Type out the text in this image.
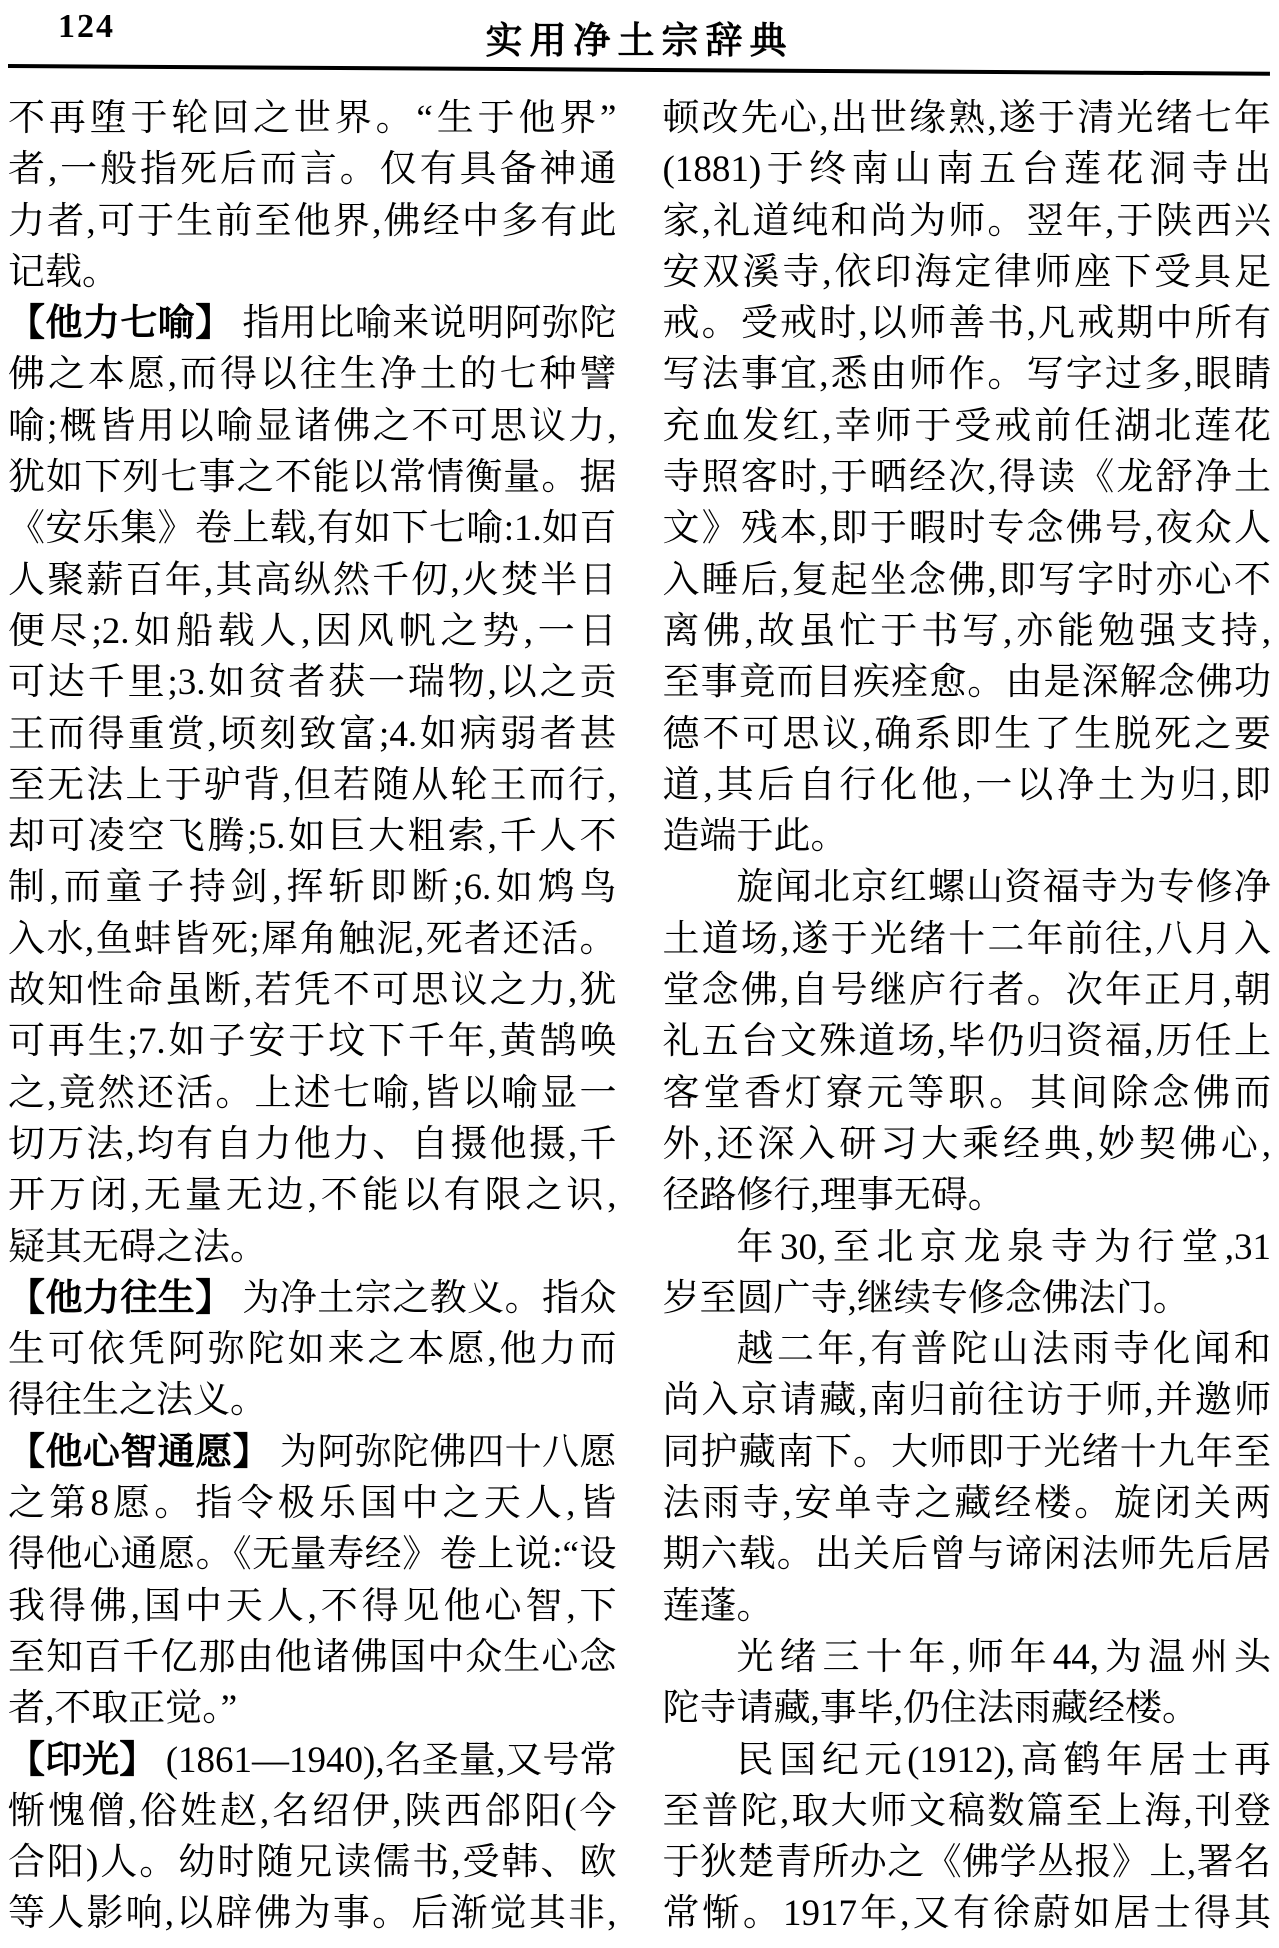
124	实用净土宗辞典
不再堕于轮回之世界。“生于他界”
者,一般指死后而言。仅有具备神通
力者,可于生前至他界,佛经中多有此
记载。
【他力七喻】 指用比喻来说明阿弥陀
佛之本愿,而得以往生净土的七种譬
喻;概皆用以喻显诸佛之不可思议力,
犹如下列七事之不能以常情衡量。据
《安乐集》卷上载,有如下七喻:1.如百
人聚薪百年,其高纵然千仞,火焚半日
便尽;2.如船载人,因风帆之势,一日
可达千里;3.如贫者获一瑞物,以之贡
王而得重赏,顷刻致富;4.如病弱者甚
至无法上于驴背,但若随从轮王而行,
却可凌空飞腾;5.如巨大粗索,千人不
制,而童子持剑,挥斩即断;6.如鸩鸟
入水,鱼蚌皆死;犀角触泥,死者还活。
故知性命虽断,若凭不可思议之力,犹
可再生;7.如子安于坟下千年,黄鹄唤
之,竟然还活。上述七喻,皆以喻显一
切万法,均有自力他力、自摄他摄,千
开万闭,无量无边,不能以有限之识,
疑其无碍之法。
【他力往生】 为净土宗之教义。指众
生可依凭阿弥陀如来之本愿,他力而
得往生之法义。
【他心智通愿】 为阿弥陀佛四十八愿
之第8愿。指令极乐国中之天人,皆
得他心通愿。《无量寿经》卷上说:“设
我得佛,国中天人,不得见他心智,下
至知百千亿那由他诸佛国中众生心念
者,不取正觉。”
【印光】 (1861—1940),名圣量,又号常
惭愧僧,俗姓赵,名绍伊,陕西郃阳(今
合阳)人。幼时随兄读儒书,受韩、欧
等人影响,以辟佛为事。后渐觉其非,
顿改先心,出世缘熟,遂于清光绪七年
(1881)于终南山南五台莲花洞寺出
家,礼道纯和尚为师。翌年,于陕西兴
安双溪寺,依印海定律师座下受具足
戒。受戒时,以师善书,凡戒期中所有
写法事宜,悉由师作。写字过多,眼睛
充血发红,幸师于受戒前任湖北莲花
寺照客时,于晒经次,得读《龙舒净土
文》残本,即于暇时专念佛号,夜众人
入睡后,复起坐念佛,即写字时亦心不
离佛,故虽忙于书写,亦能勉强支持,
至事竟而目疾痊愈。由是深解念佛功
德不可思议,确系即生了生脱死之要
道,其后自行化他,一以净土为归,即
造端于此。
旋闻北京红螺山资福寺为专修净
土道场,遂于光绪十二年前往,八月入
堂念佛,自号继庐行者。次年正月,朝
礼五台文殊道场,毕仍归资福,历任上
客堂香灯寮元等职。其间除念佛而
外,还深入研习大乘经典,妙契佛心,
径路修行,理事无碍。
年30,至北京龙泉寺为行堂,31
岁至圆广寺,继续专修念佛法门。
越二年,有普陀山法雨寺化闻和
尚入京请藏,南归前往访于师,并邀师
同护藏南下。大师即于光绪十九年至
法雨寺,安单寺之藏经楼。旋闭关两
期六载。出关后曾与谛闲法师先后居
莲蓬。
光绪三十年,师年44,为温州头
陀寺请藏,事毕,仍住法雨藏经楼。
民国纪元(1912),高鹤年居士再
至普陀,取大师文稿数篇至上海,刊登
于狄楚青所办之《佛学丛报》上,署名
常惭。1917年,又有徐蔚如居士得其
